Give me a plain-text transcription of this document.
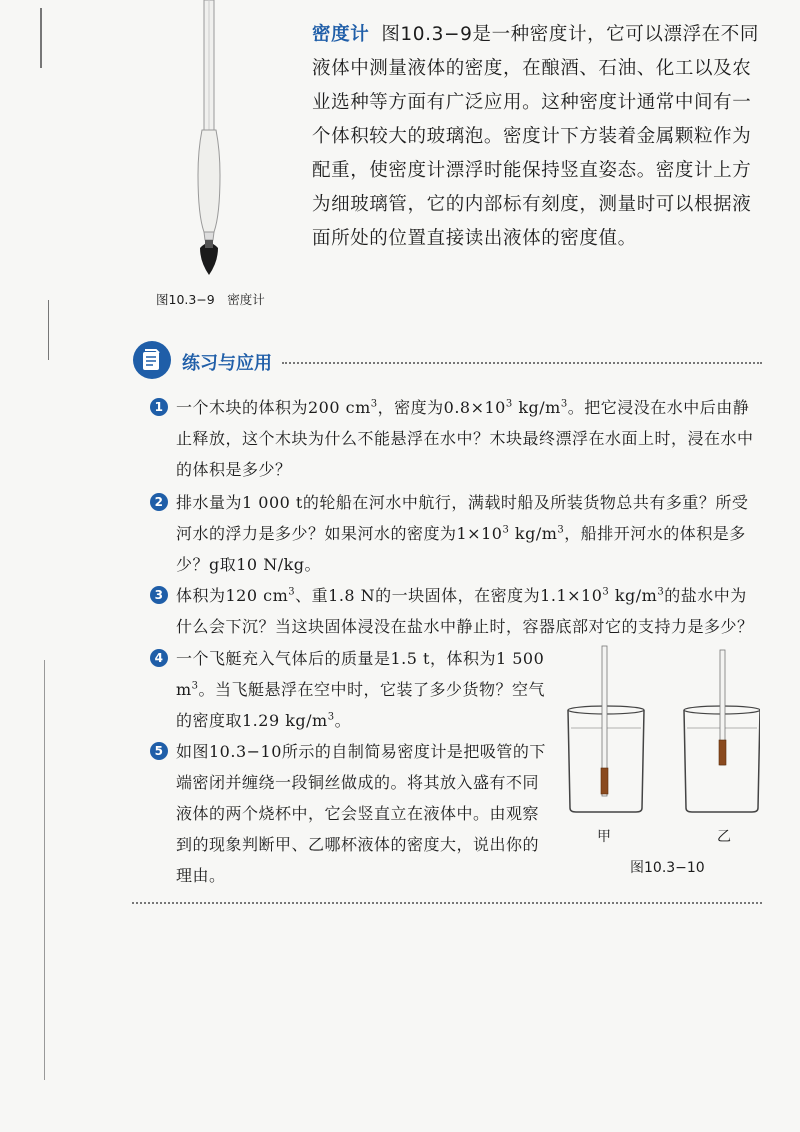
密度计 图10.3−9是一种密度计，它可以漂浮在不同液体中测量液体的密度，在酿酒、石油、化工以及农业选种等方面有广泛应用。这种密度计通常中间有一个体积较大的玻璃泡。密度计下方装着金属颗粒作为配重，使密度计漂浮时能保持竖直姿态。密度计上方为细玻璃管，它的内部标有刻度，测量时可以根据液面所处的位置直接读出液体的密度值。
图10.3−9　密度计
练习与应用
1 一个木块的体积为200 $cm^3$，密度为$0.8\times 10^3$ $kg/m^3$。把它浸没在水中后由静止释放，这个木块为什么不能悬浮在水中？木块最终漂浮在水面上时，浸在水中的体积是多少？
2 排水量为1 000 t的轮船在河水中航行，满载时船及所装货物总共有多重？所受河水的浮力是多少？如果河水的密度为$1\times 10^3$ $kg/m^3$，船排开河水的体积是多少？g取10 N/kg。
3 体积为120 $cm^3$、重1.8 N的一块固体，在密度为$1.1\times 10^3$ $kg/m^3$的盐水中为什么会下沉？当这块固体浸没在盐水中静止时，容器底部对它的支持力是多少？
4 一个飞艇充入气体后的质量是1.5 t，体积为1 500 $m^3$。当飞艇悬浮在空中时，它装了多少货物？空气的密度取1.29 $kg/m^3$。
5 如图10.3−10所示的自制简易密度计是把吸管的下端密闭并缠绕一段铜丝做成的。将其放入盛有不同液体的两个烧杯中，它会竖直立在液体中。由观察到的现象判断甲、乙哪杯液体的密度大，说出你的理由。
甲	乙
图10.3−10
